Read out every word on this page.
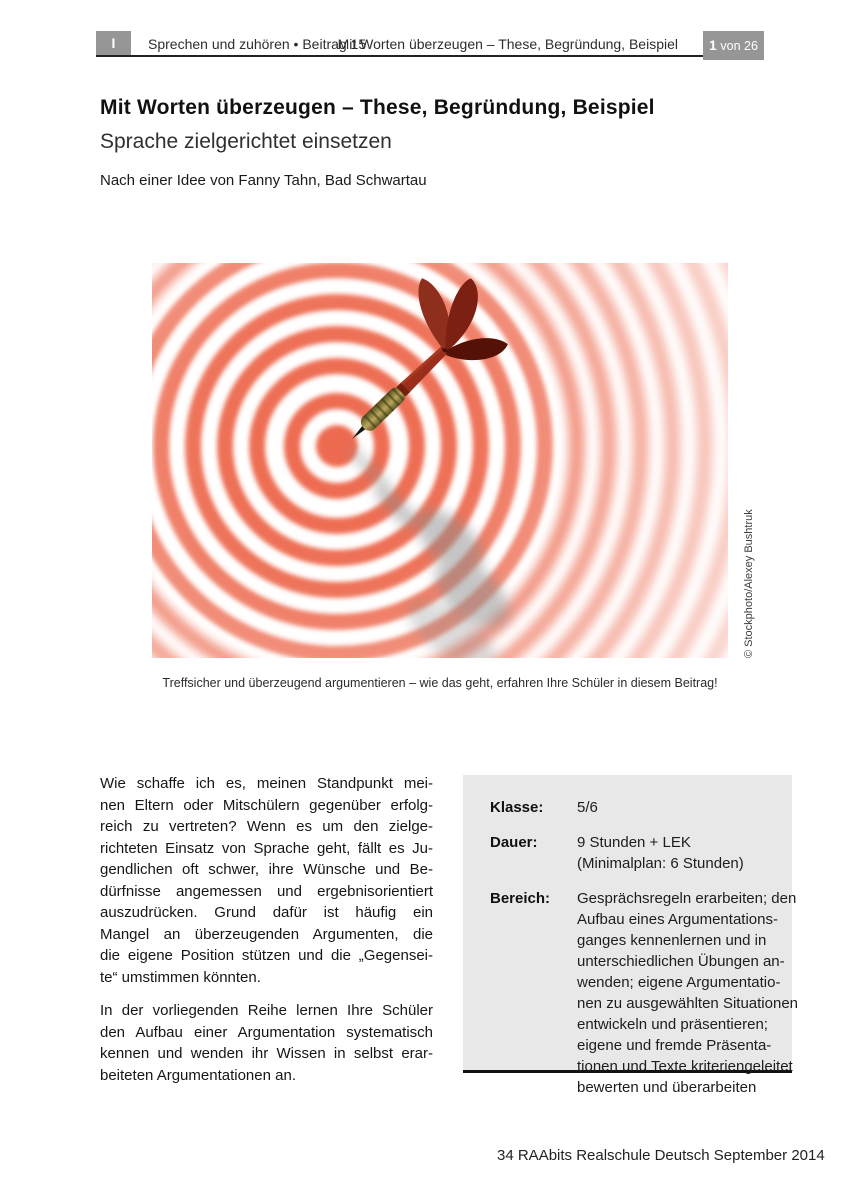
I	Sprechen und zuhören • Beitrag 15
Mit Worten überzeugen – These, Begründung, Beispiel	1 von 26
Mit Worten überzeugen – These, Begründung, Beispiel
Sprache zielgerichtet einsetzen
Nach einer Idee von Fanny Tahn, Bad Schwartau
Treffsicher und überzeugend argumentieren – wie das geht, erfahren Ihre Schüler in diesem Beitrag!
© Stockphoto/Alexey Bushtruk
Wie schaffe ich es, meinen Standpunkt mei-
nen Eltern oder Mitschülern gegenüber erfolg-
reich zu vertreten? Wenn es um den zielge-
richteten Einsatz von Sprache geht, fällt es Ju-
gendlichen oft schwer, ihre Wünsche und Be-
dürfnisse angemessen und ergebnisorientiert
auszudrücken. Grund dafür ist häufig ein
Mangel an überzeugenden Argumenten, die
die eigene Position stützen und die „Gegensei-
te“ umstimmen könnten.
In der vorliegenden Reihe lernen Ihre Schüler
den Aufbau einer Argumentation systematisch
kennen und wenden ihr Wissen in selbst erar-
beiteten Argumentationen an.
Klasse:	5/6
Dauer:	9 Stunden + LEK
(Minimalplan: 6 Stunden)
Bereich:	Gesprächsregeln erarbeiten; den
Aufbau eines Argumentations-
ganges kennenlernen und in
unterschiedlichen Übungen an-
wenden; eigene Argumentatio-
nen zu ausgewählten Situationen
entwickeln und präsentieren;
eigene und fremde Präsenta-
tionen und Texte kriteriengeleitet
bewerten und überarbeiten
34 RAAbits Realschule Deutsch September 2014
